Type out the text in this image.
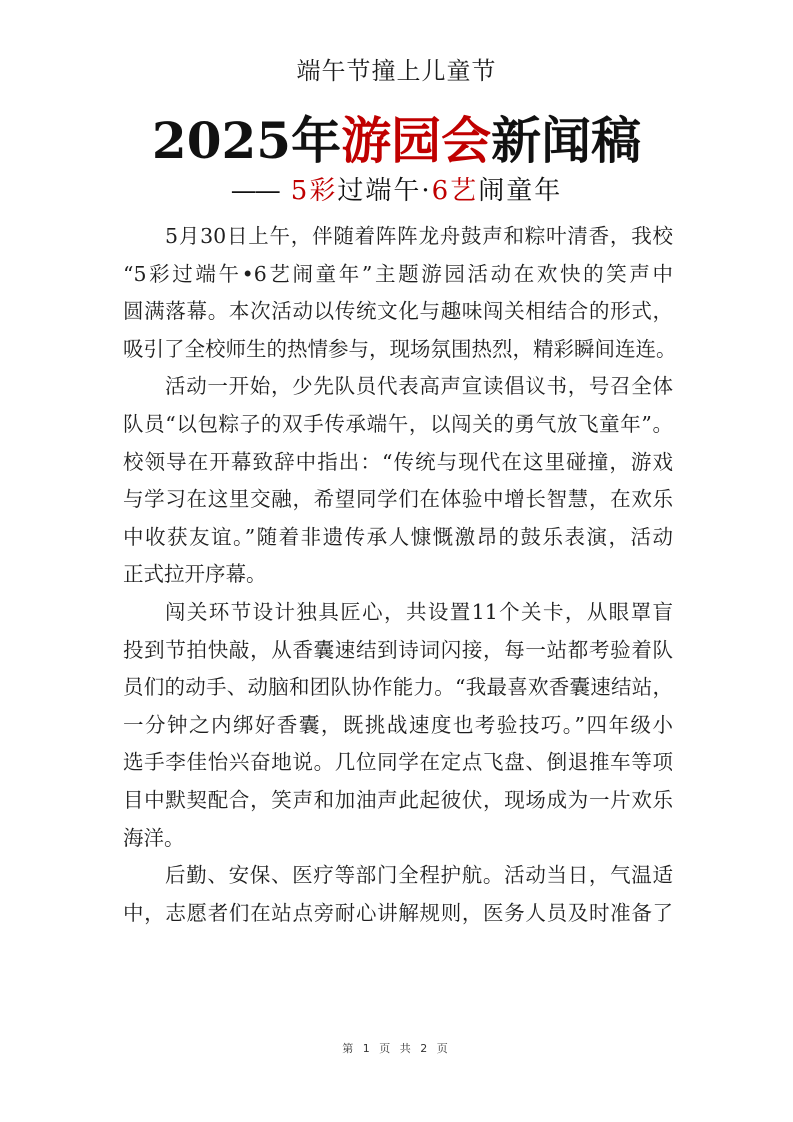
端午节撞上儿童节
2025年游园会新闻稿
—— 5彩过端午·6艺闹童年
5月30日上午，伴随着阵阵龙舟鼓声和粽叶清香，我校
“5彩过端午•6艺闹童年”主题游园活动在欢快的笑声中
圆满落幕。本次活动以传统文化与趣味闯关相结合的形式，
吸引了全校师生的热情参与，现场氛围热烈，精彩瞬间连连。
活动一开始，少先队员代表高声宣读倡议书，号召全体
队员“以包粽子的双手传承端午，以闯关的勇气放飞童年”。
校领导在开幕致辞中指出：“传统与现代在这里碰撞，游戏
与学习在这里交融，希望同学们在体验中增长智慧，在欢乐
中收获友谊。”随着非遗传承人慷慨激昂的鼓乐表演，活动
正式拉开序幕。
闯关环节设计独具匠心，共设置11个关卡，从眼罩盲
投到节拍快敲，从香囊速结到诗词闪接，每一站都考验着队
员们的动手、动脑和团队协作能力。“我最喜欢香囊速结站，
一分钟之内绑好香囊，既挑战速度也考验技巧。”四年级小
选手李佳怡兴奋地说。几位同学在定点飞盘、倒退推车等项
目中默契配合，笑声和加油声此起彼伏，现场成为一片欢乐
海洋。
后勤、安保、医疗等部门全程护航。活动当日，气温适
中，志愿者们在站点旁耐心讲解规则，医务人员及时准备了
第 1 页 共 2 页
